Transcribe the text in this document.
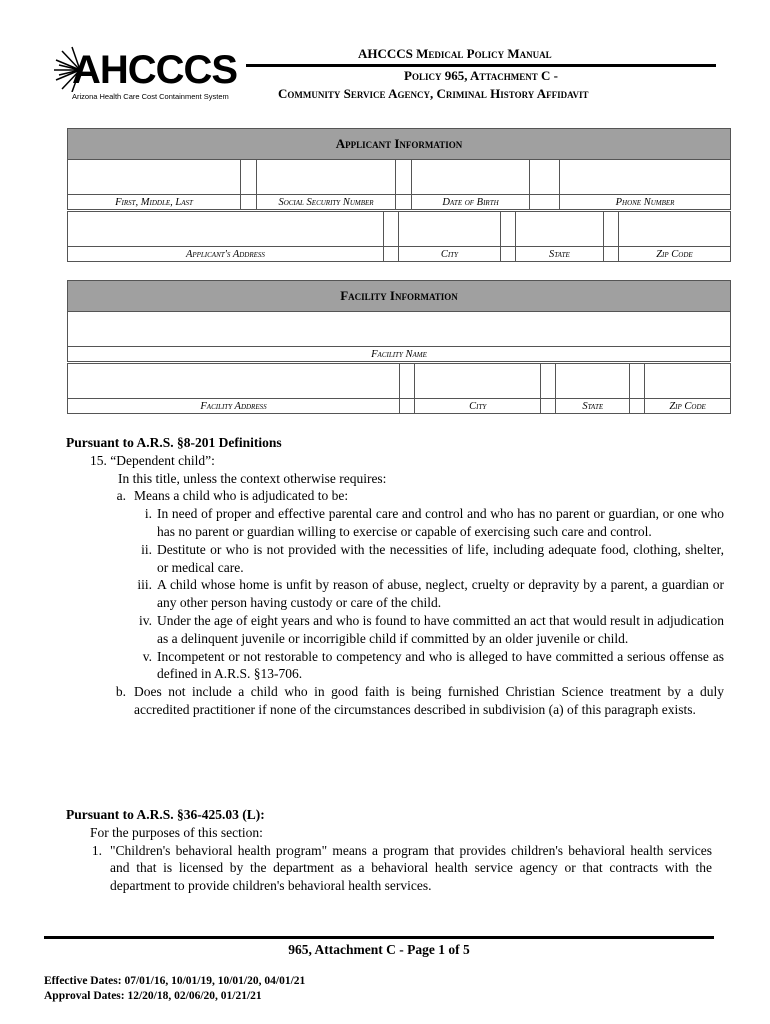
AHCCCS
Arizona Health Care Cost Containment System
AHCCCS Medical Policy Manual
Policy 965, Attachment C -
Community Service Agency, Criminal History Affidavit
Applicant Information						

First, Middle, Last		Social Security Number		Date of Birth		Phone Number

Applicant's Address		City		State		Zip Code
Facility Information

Facility Name

Facility Address		City		State		Zip Code

Pursuant to A.R.S. §8-201 Definitions

15. “Dependent child”:

In this title, unless the context otherwise requires:

a. Means a child who is adjudicated to be:
i. In need of proper and effective parental care and control and who has no parent or guardian, or one who has no parent or guardian willing to exercise or capable of exercising such care and control.
ii. Destitute or who is not provided with the necessities of life, including adequate food, clothing, shelter, or medical care.
iii. A child whose home is unfit by reason of abuse, neglect, cruelty or depravity by a parent, a guardian or any other person having custody or care of the child.
iv. Under the age of eight years and who is found to have committed an act that would result in adjudication as a delinquent juvenile or incorrigible child if committed by an older juvenile or child.
v. Incompetent or not restorable to competency and who is alleged to have committed a serious offense as defined in A.R.S. §13-706.
b. Does not include a child who in good faith is being furnished Christian Science treatment by a duly accredited practitioner if none of the circumstances described in subdivision (a) of this paragraph exists.

Pursuant to A.R.S. §36-425.03 (L):

For the purposes of this section:

1. "Children's behavioral health program" means a program that provides children's behavioral health services and that is licensed by the department as a behavioral health service agency or that contracts with the department to provide children's behavioral health services.
965, Attachment C - Page 1 of 5
Effective Dates: 07/01/16, 10/01/19, 10/01/20, 04/01/21
Approval Dates: 12/20/18, 02/06/20, 01/21/21
